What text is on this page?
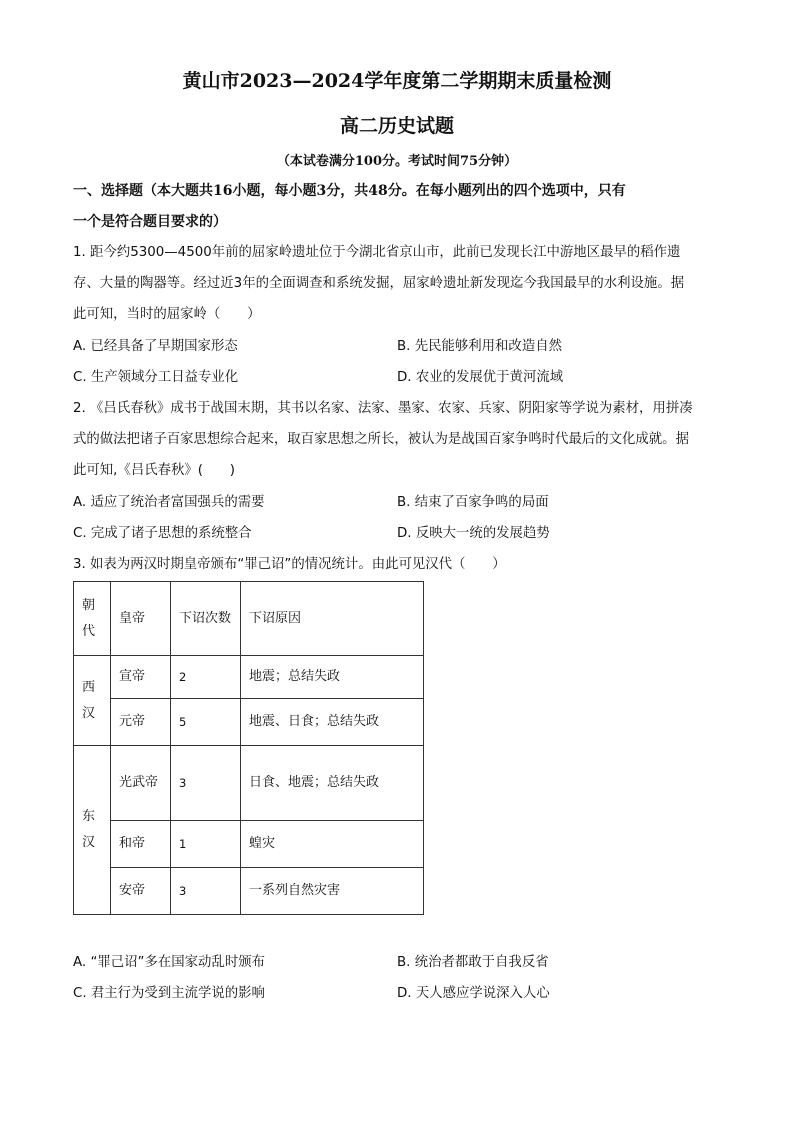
黄山市2023—2024学年度第二学期期末质量检测
高二历史试题
（本试卷满分100分。考试时间75分钟）
一、选择题（本大题共16小题，每小题3分，共48分。在每小题列出的四个选项中，只有
一个是符合题目要求的）
1. 距今约5300—4500年前的屈家岭遗址位于今湖北省京山市，此前已发现长江中游地区最早的稻作遗
存、大量的陶器等。经过近3年的全面调查和系统发掘，屈家岭遗址新发现迄今我国最早的水利设施。据
此可知，当时的屈家岭（　　）
A. 已经具备了早期国家形态	B. 先民能够利用和改造自然
C. 生产领域分工日益专业化	D. 农业的发展优于黄河流域
2. 《吕氏春秋》成书于战国末期，其书以名家、法家、墨家、农家、兵家、阴阳家等学说为素材，用拼凑
式的做法把诸子百家思想综合起来，取百家思想之所长，被认为是战国百家争鸣时代最后的文化成就。据
此可知,《吕氏春秋》(　　)
A. 适应了统治者富国强兵的需要	B. 结束了百家争鸣的局面
C. 完成了诸子思想的系统整合	D. 反映大一统的发展趋势
3. 如表为两汉时期皇帝颁布“罪己诏”的情况统计。由此可见汉代（　　）
朝代	皇帝	下诏次数	下诏原因
西汉	宣帝	2	地震；总结失政
	元帝	5	地震、日食；总结失政
东汉	光武帝	3	日食、地震；总结失政
	和帝	1	蝗灾
	安帝	3	一系列自然灾害
A. “罪己诏”多在国家动乱时颁布	B. 统治者都敢于自我反省
C. 君主行为受到主流学说的影响	D. 天人感应学说深入人心
